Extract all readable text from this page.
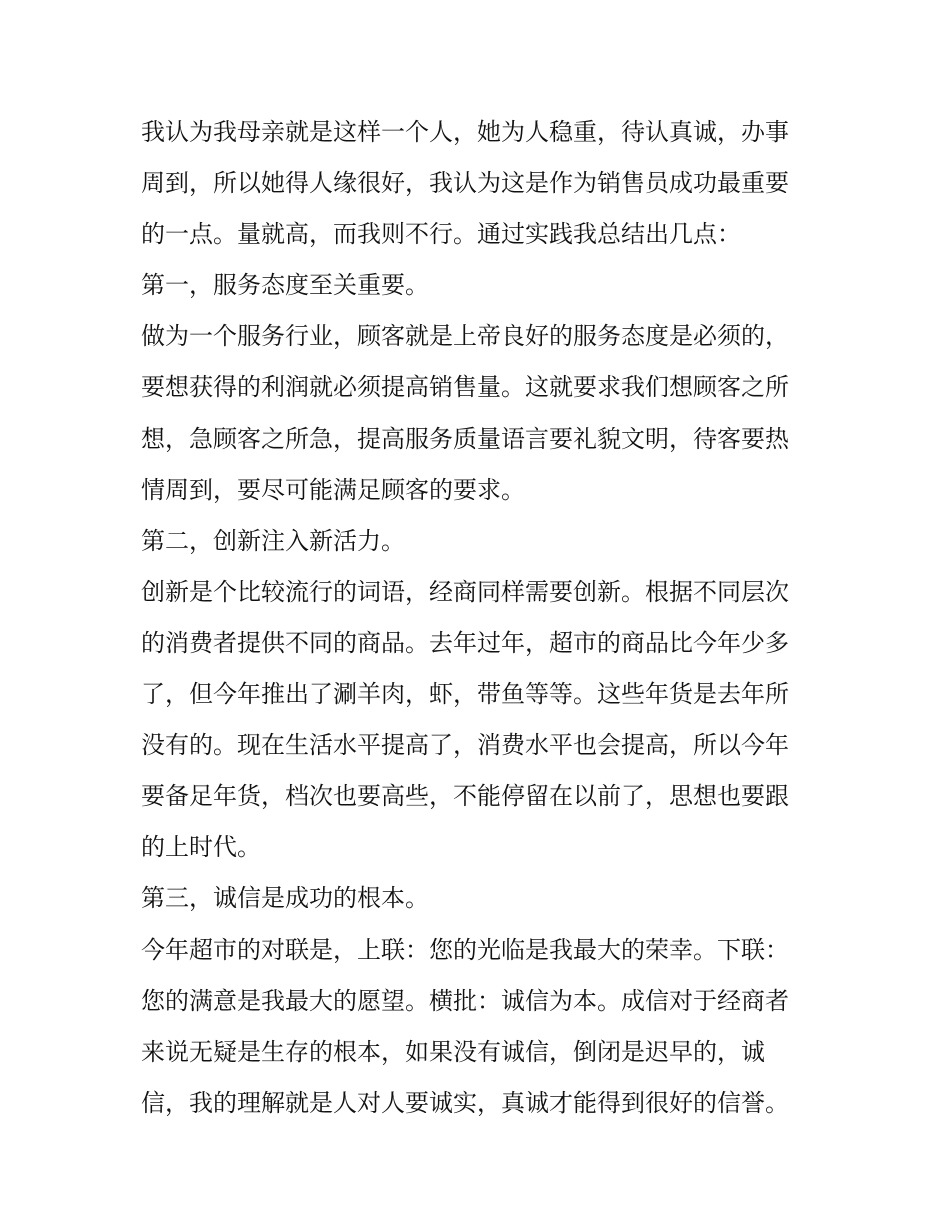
我认为我母亲就是这样一个人，她为人稳重，待认真诚，办事
周到，所以她得人缘很好，我认为这是作为销售员成功最重要
的一点。量就高，而我则不行。通过实践我总结出几点：
第一，服务态度至关重要。
做为一个服务行业，顾客就是上帝良好的服务态度是必须的，
要想获得的利润就必须提高销售量。这就要求我们想顾客之所
想，急顾客之所急，提高服务质量语言要礼貌文明，待客要热
情周到，要尽可能满足顾客的要求。
第二，创新注入新活力。
创新是个比较流行的词语，经商同样需要创新。根据不同层次
的消费者提供不同的商品。去年过年，超市的商品比今年少多
了，但今年推出了涮羊肉，虾，带鱼等等。这些年货是去年所
没有的。现在生活水平提高了，消费水平也会提高，所以今年
要备足年货，档次也要高些，不能停留在以前了，思想也要跟
的上时代。
第三，诚信是成功的根本。
今年超市的对联是，上联：您的光临是我最大的荣幸。下联：
您的满意是我最大的愿望。横批：诚信为本。成信对于经商者
来说无疑是生存的根本，如果没有诚信，倒闭是迟早的，诚
信，我的理解就是人对人要诚实，真诚才能得到很好的信誉。
